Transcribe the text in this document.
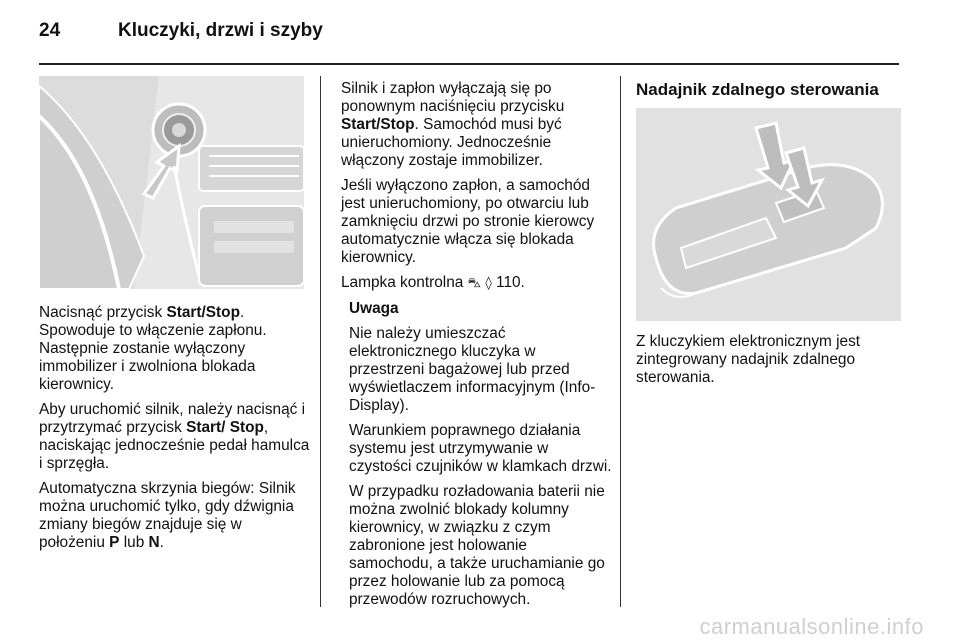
24	Kluczyki, drzwi i szyby

Nacisnąć przycisk Start/Stop. Spowoduje to włączenie zapłonu. Następnie zostanie wyłączony immobilizer i zwolniona blokada kierownicy.

Aby uruchomić silnik, należy nacisnąć i przytrzymać przycisk Start/ Stop, naciskając jednocześnie pedał hamulca i sprzęgła.

Automatyczna skrzynia biegów: Silnik można uruchomić tylko, gdy dźwignia zmiany biegów znajduje się w położeniu P lub N.

Silnik i zapłon wyłączają się po ponownym naciśnięciu przycisku Start/Stop. Samochód musi być unieruchomiony. Jednocześnie włączony zostaje immobilizer.

Jeśli wyłączono zapłon, a samochód jest unieruchomiony, po otwarciu lub zamknięciu drzwi po stronie kierowcy automatycznie włącza się blokada kierownicy.

Lampka kontrolna ⛍ ◊ 110.

Uwaga

Nie należy umieszczać elektronicznego kluczyka w przestrzeni bagażowej lub przed wyświetlaczem informacyjnym (Info-Display).

Warunkiem poprawnego działania systemu jest utrzymywanie w czystości czujników w klamkach drzwi.

W przypadku rozładowania baterii nie można zwolnić blokady kolumny kierownicy, w związku z czym zabronione jest holowanie samochodu, a także uruchamianie go przez holowanie lub za pomocą przewodów rozruchowych.

Nadajnik zdalnego sterowania

Z kluczykiem elektronicznym jest zintegrowany nadajnik zdalnego sterowania.

carmanualsonline.info
